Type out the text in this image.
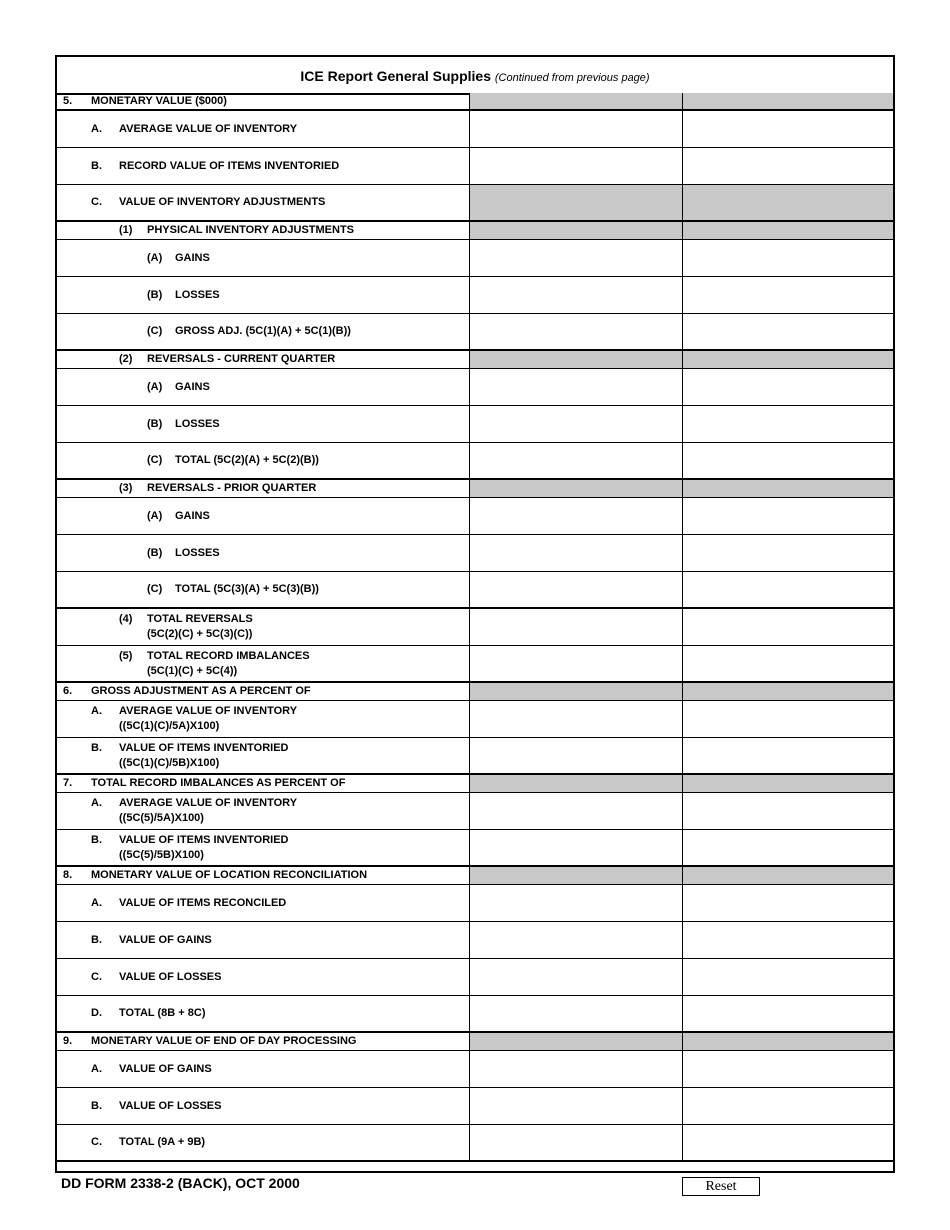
ICE Report General Supplies (Continued from previous page)
5. MONETARY VALUE ($000)
A. AVERAGE VALUE OF INVENTORY
B. RECORD VALUE OF ITEMS INVENTORIED
C. VALUE OF INVENTORY ADJUSTMENTS
(1) PHYSICAL INVENTORY ADJUSTMENTS
(A) GAINS
(B) LOSSES
(C) GROSS ADJ. (5C(1)(A) + 5C(1)(B))
(2) REVERSALS - CURRENT QUARTER
(A) GAINS
(B) LOSSES
(C) TOTAL (5C(2)(A) + 5C(2)(B))
(3) REVERSALS - PRIOR QUARTER
(A) GAINS
(B) LOSSES
(C) TOTAL (5C(3)(A) + 5C(3)(B))
(4) TOTAL REVERSALS
(5C(2)(C) + 5C(3)(C))
(5) TOTAL RECORD IMBALANCES
(5C(1)(C) + 5C(4))
6. GROSS ADJUSTMENT AS A PERCENT OF
A. AVERAGE VALUE OF INVENTORY
((5C(1)(C)/5A)X100)
B. VALUE OF ITEMS INVENTORIED
((5C(1)(C)/5B)X100)
7. TOTAL RECORD IMBALANCES AS PERCENT OF
A. AVERAGE VALUE OF INVENTORY
((5C(5)/5A)X100)
B. VALUE OF ITEMS INVENTORIED
((5C(5)/5B)X100)
8. MONETARY VALUE OF LOCATION RECONCILIATION
A. VALUE OF ITEMS RECONCILED
B. VALUE OF GAINS
C. VALUE OF LOSSES
D. TOTAL (8B + 8C)
9. MONETARY VALUE OF END OF DAY PROCESSING
A. VALUE OF GAINS
B. VALUE OF LOSSES
C. TOTAL (9A + 9B)
DD FORM 2338-2 (BACK), OCT 2000	Reset
